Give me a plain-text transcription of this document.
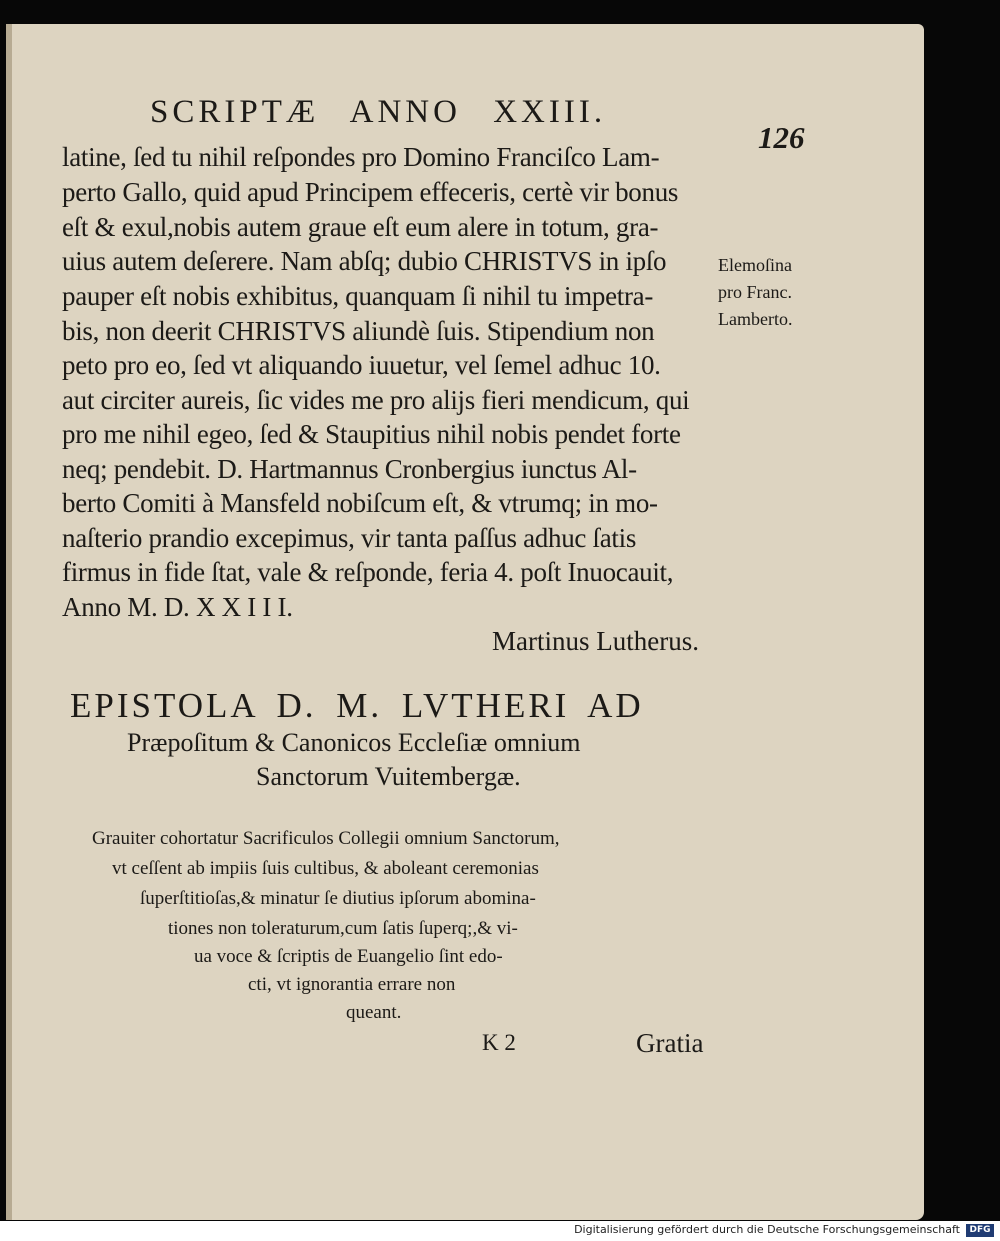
SCRIPTÆ ANNO XXIII.
126
latine, ſed tu nihil reſpondes pro Domino Franciſco Lam-
perto Gallo, quid apud Principem effeceris, certè vir bonus
eſt & exul,nobis autem graue eſt eum alere in totum, gra-
uius autem deſerere. Nam abſq; dubio CHRISTVS in ipſo
pauper eſt nobis exhibitus, quanquam ſi nihil tu impetra-
bis, non deerit CHRISTVS aliundè ſuis. Stipendium non
peto pro eo, ſed vt aliquando iuuetur, vel ſemel adhuc 10.
aut circiter aureis, ſic vides me pro alijs fieri mendicum, qui
pro me nihil egeo, ſed & Staupitius nihil nobis pendet forte
neq; pendebit. D. Hartmannus Cronbergius iunctus Al-
berto Comiti à Mansfeld nobiſcum eſt, & vtrumq; in mo-
naſterio prandio excepimus, vir tanta paſſus adhuc ſatis
firmus in fide ſtat, vale & reſponde, feria 4. poſt Inuocauit,
Anno M. D. X X I I I.
Elemoſina
pro Franc.
Lamberto.
Martinus Lutherus.
EPISTOLA D. M. LVTHERI AD
Præpoſitum & Canonicos Eccleſiæ omnium
Sanctorum Vuitembergæ.
Grauiter cohortatur Sacrificulos Collegii omnium Sanctorum,
vt ceſſent ab impiis ſuis cultibus, & aboleant ceremonias
ſuperſtitioſas,& minatur ſe diutius ipſorum abomina-
tiones non toleraturum,cum ſatis ſuperq;,& vi-
ua voce & ſcriptis de Euangelio ſint edo-
cti, vt ignorantia errare non
queant.
K 2	Gratia
Digitalisierung gefördert durch die Deutsche Forschungsgemeinschaft	DFG
